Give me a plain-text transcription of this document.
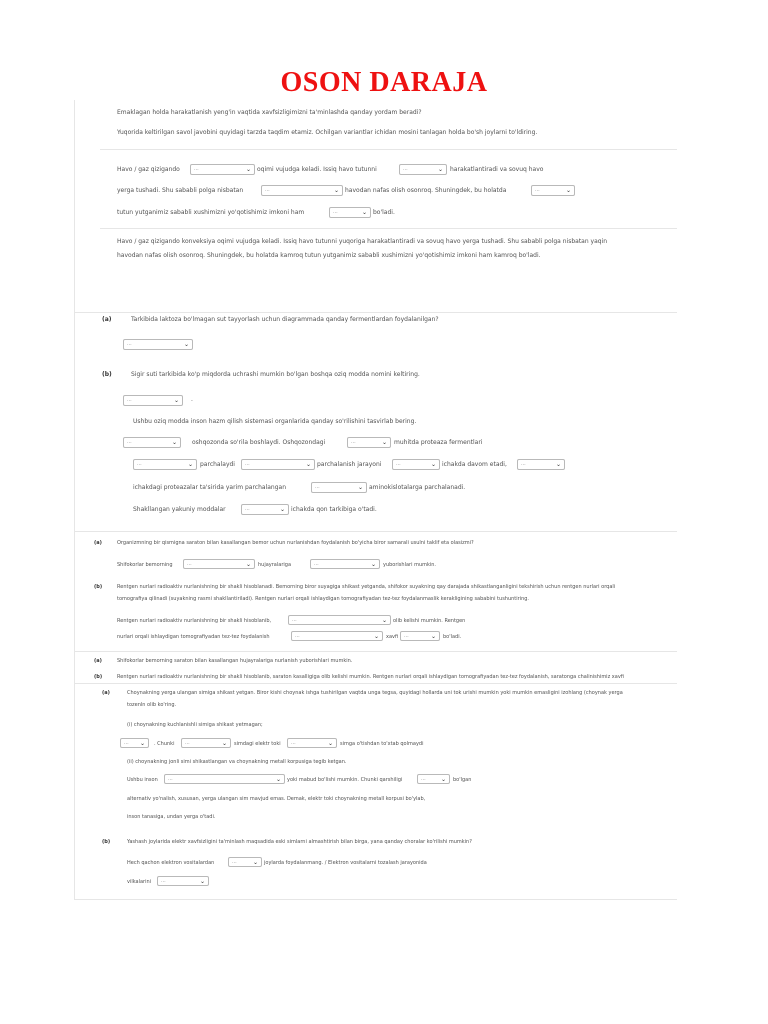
OSON DARAJA
Emaklagan holda harakatlanish yeng'in vaqtida xavfsizligimizni ta'minlashda qanday yordam beradi?
Yuqorida keltirilgan savol javobini quyidagi tarzda taqdim etamiz. Ochilgan variantlar ichidan mosini tanlagan holda bo'sh joylarni to'ldiring.
Havo / gaz qizigando	...	⌄ oqimi vujudga keladi. Issiq havo tutunni	...	⌄ harakatlantiradi va sovuq havo
yerga tushadi. Shu sababli polga nisbatan	...	⌄ havodan nafas olish osonroq. Shuningdek, bu holatda	...	⌄
tutun yutganimiz sababli xushimizni yo'qotishimiz imkoni ham	...	⌄ bo'ladi.
Havo / gaz qizigando konveksiya oqimi vujudga keladi. Issiq havo tutunni yuqoriga harakatlantiradi va sovuq havo yerga tushadi. Shu sababli polga nisbatan yaqin
havodan nafas olish osonroq. Shuningdek, bu holatda kamroq tutun yutganimiz sababli xushimizni yo'qotishimiz imkoni ham kamroq bo'ladi.
(a)	Tarkibida laktoza bo'lmagan sut tayyorlash uchun diagrammada qanday fermentlardan foydalanilgan?
...	⌄
(b)	Sigir suti tarkibida ko'p miqdorda uchrashi mumkin bo'lgan boshqa oziq modda nomini keltiring.
...	⌄ .
Ushbu oziq modda inson hazm qilish sistemasi organlarida qanday so'rilishini tasvirlab bering.
...	⌄	oshqozonda so'rila boshlaydi. Oshqozondagi	...	⌄ muhitda proteaza fermentlari
...	⌄ parchalaydi	...	⌄ parchalanish jarayoni	...	⌄ ichakda davom etadi,	...	⌄
ichakdagi proteazalar ta'sirida yarim parchalangan	...	⌄ aminokislotalarga parchalanadi.
Shakllangan yakuniy moddalar	...	⌄ ichakda qon tarkibiga o'tadi.
(a)	Organizmning bir qismigna saraton bilan kasallangan bemor uchun nurlanishdan foydalanish bo'yicha biror samarali usulni taklif eta olasizmi?
Shifokorlar bemorning	...	⌄ hujayralariga	...	⌄ yuborishlari mumkin.
(b)	Rentgen nurlari radioaktiv nurlanishning bir shakli hisoblanadi. Bemorning biror suyagiga shikast yetganda, shifokor suyakning qay darajada shikastlanganligini tekshirish uchun rentgen nurlari orqali
tomografiya qilinadi (suyakning rasmi shakllantiriladi). Rentgen nurlari orqali ishlaydigan tomografiyadan tez-tez foydalanmaslik kerakligining sababini tushuntiring.
Rentgen nurlari radioaktiv nurlanishning bir shakli hisoblanib,	...	⌄ olib kelishi mumkin. Rentgen
nurlari orqali ishlaydigan tomografiyadan tez-tez foydalanish	...	⌄ xavfi	...	⌄ bo'ladi.
(a)	Shifokorlar bemorning saraton bilan kasallangan hujayralariga nurlanish yuborishlari mumkin.
(b)	Rentgen nurlari radioaktiv nurlanishning bir shakli hisoblanib, saraton kasalligiga olib kelishi mumkin. Rentgen nurlari orqali ishlaydigan tomografiyadan tez-tez foydalanish, saratonga chalinishimiz xavfi
(a)	Choynakning yerga ulangan simiga shikast yetgan. Biror kishi choynak ishga tushirilgan vaqtda unga tegsa, quyidagi hollarda uni tok urishi mumkin yoki mumkin emasligini izohlang (choynak yerga
tozenln olib ko'ring.
(i) choynakning kuchlanishli simiga shikast yetmagan;
... ⌄ . Chunki	...	⌄ simdagi elektr toki	...	⌄ simga o'tishdan to'xtab qolmaydi
(ii) choynakning jonli simi shikastlangan va choynakning metall korpusiga tegib ketgan.
Ushbu inson	...	⌄ yoki mabud bo'lishi mumkin. Chunki qarshiligi	...	⌄ bo'lgan
alternativ yo'nalish, xususan, yerga ulangan sim mavjud emas. Demak, elektr toki choynakning metall korpusi bo'ylab,
inson tanasiga, undan yerga o'tadi.
(b)	Yashash joylarida elektr xavfsizligini ta'minlash maqsadida eski simlarni almashtirish bilan birga, yana qanday choralar ko'rilishi mumkin?
Hech qachon elektron vositalardan	...	⌄ joylarda foydalanmang. / Elektron vositalarni tozalash jarayonida
vilkalarini	...	⌄
